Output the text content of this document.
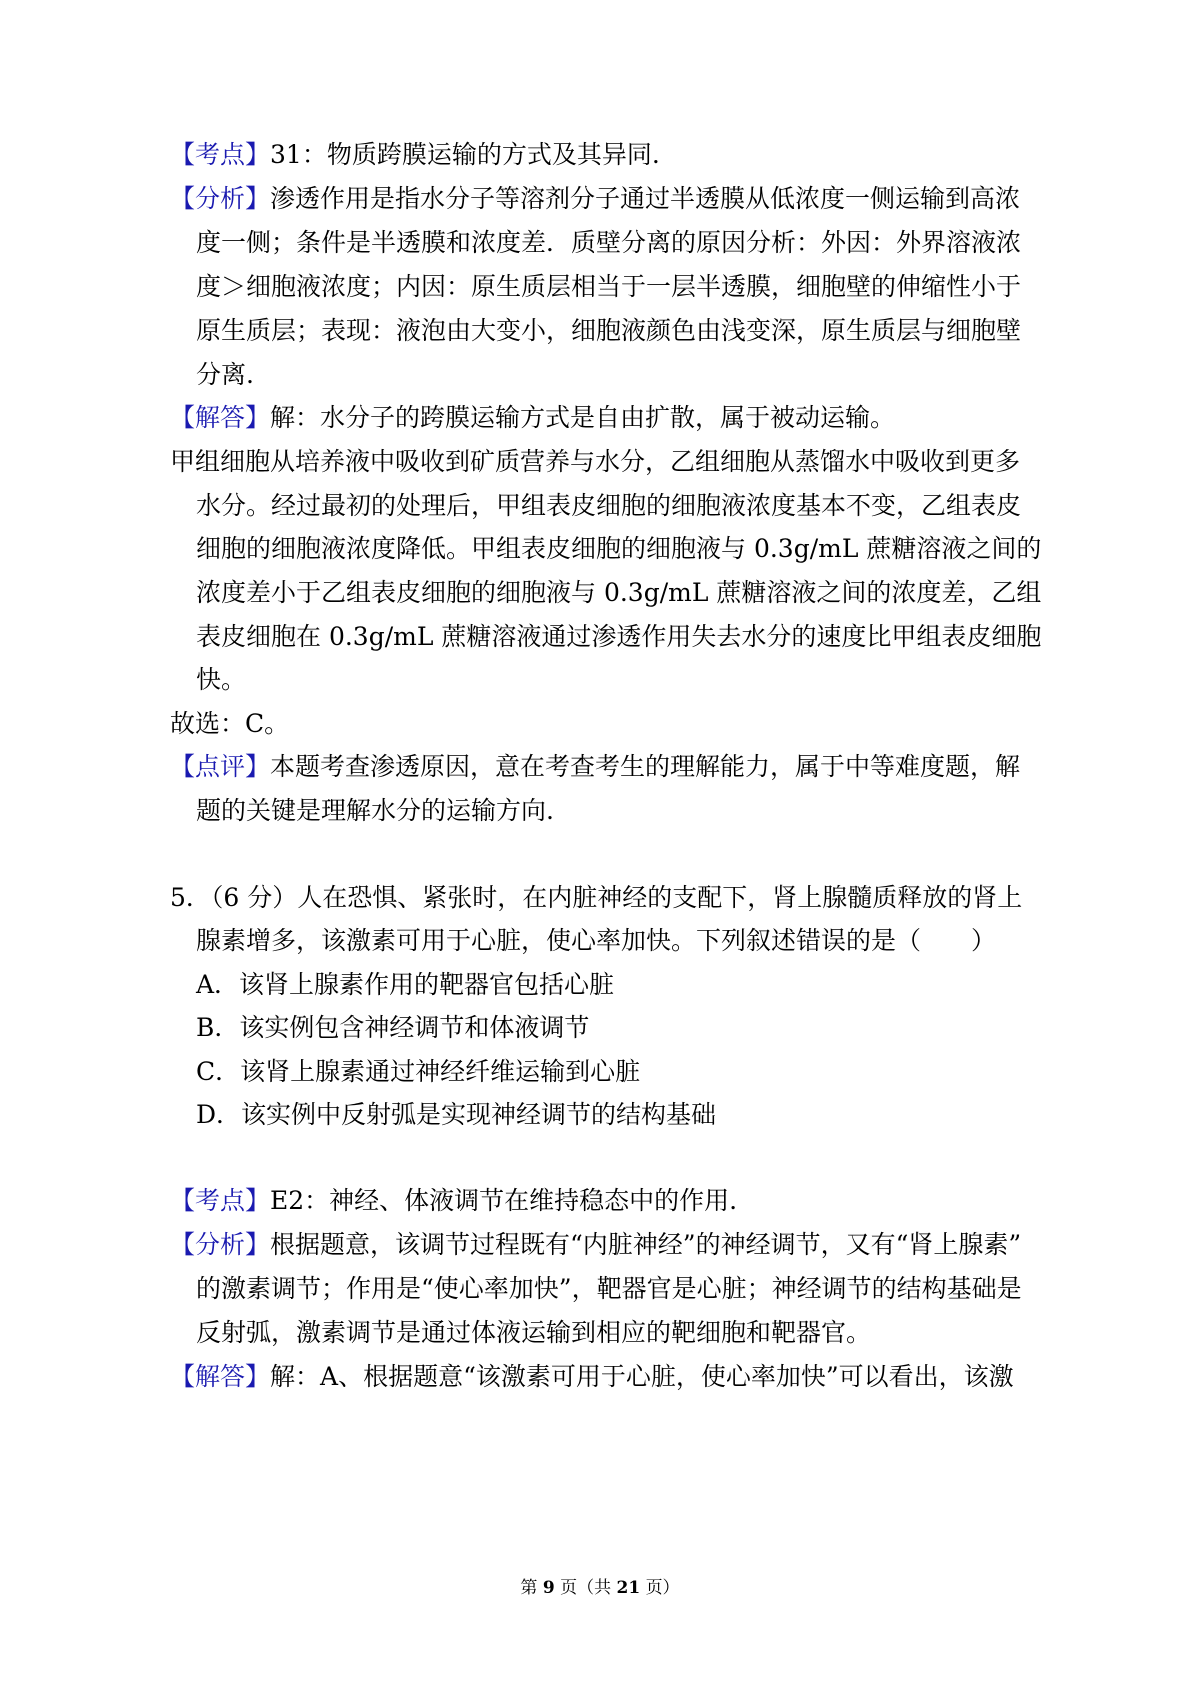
【考点】31：物质跨膜运输的方式及其异同.
【分析】渗透作用是指水分子等溶剂分子通过半透膜从低浓度一侧运输到高浓
度一侧；条件是半透膜和浓度差．质壁分离的原因分析：外因：外界溶液浓
度＞细胞液浓度；内因：原生质层相当于一层半透膜，细胞壁的伸缩性小于
原生质层；表现：液泡由大变小，细胞液颜色由浅变深，原生质层与细胞壁
分离.
【解答】解：水分子的跨膜运输方式是自由扩散，属于被动运输。
甲组细胞从培养液中吸收到矿质营养与水分，乙组细胞从蒸馏水中吸收到更多
水分。经过最初的处理后，甲组表皮细胞的细胞液浓度基本不变，乙组表皮
细胞的细胞液浓度降低。甲组表皮细胞的细胞液与 0.3g/mL 蔗糖溶液之间的
浓度差小于乙组表皮细胞的细胞液与 0.3g/mL 蔗糖溶液之间的浓度差，乙组
表皮细胞在 0.3g/mL 蔗糖溶液通过渗透作用失去水分的速度比甲组表皮细胞
快。
故选：C。
【点评】本题考查渗透原因，意在考查考生的理解能力，属于中等难度题，解
题的关键是理解水分的运输方向.
5．（6 分）人在恐惧、紧张时，在内脏神经的支配下，肾上腺髓质释放的肾上
腺素增多，该激素可用于心脏，使心率加快。下列叙述错误的是（　　）
A．该肾上腺素作用的靶器官包括心脏
B．该实例包含神经调节和体液调节
C．该肾上腺素通过神经纤维运输到心脏
D．该实例中反射弧是实现神经调节的结构基础
【考点】E2：神经、体液调节在维持稳态中的作用.
【分析】根据题意，该调节过程既有“内脏神经”的神经调节，又有“肾上腺素”
的激素调节；作用是“使心率加快”，靶器官是心脏；神经调节的结构基础是
反射弧，激素调节是通过体液运输到相应的靶细胞和靶器官。
【解答】解：A、根据题意“该激素可用于心脏，使心率加快”可以看出，该激
第 9 页（共 21 页）
